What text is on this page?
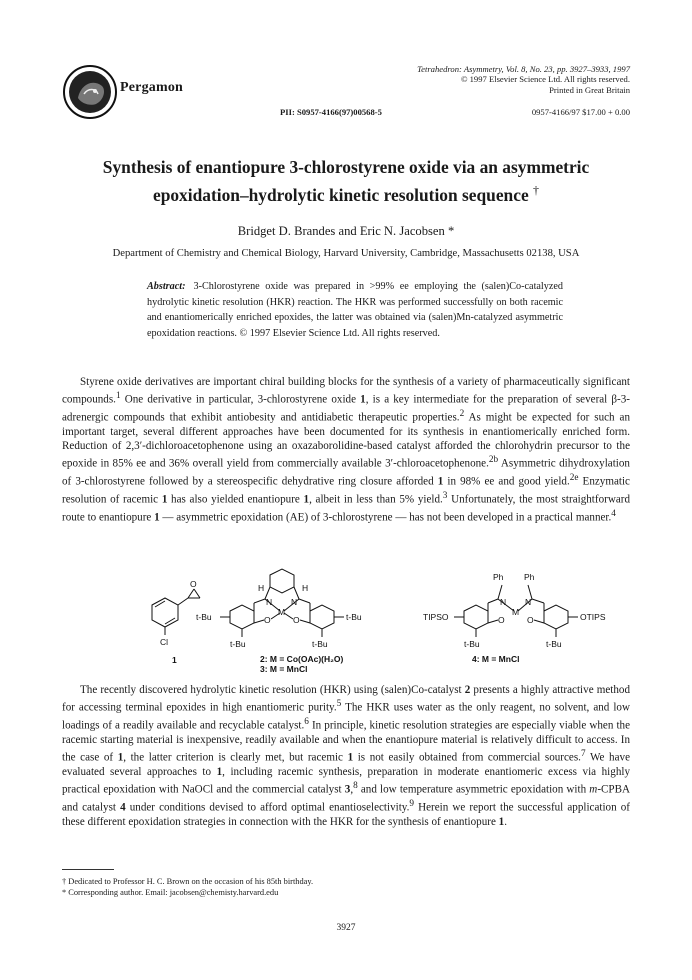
Pergamon
Tetrahedron: Asymmetry, Vol. 8, No. 23, pp. 3927–3933, 1997
© 1997 Elsevier Science Ltd. All rights reserved.
Printed in Great Britain
PII: S0957-4166(97)00568-5	0957-4166/97 $17.00 + 0.00
Synthesis of enantiopure 3-chlorostyrene oxide via an asymmetric
epoxidation–hydrolytic kinetic resolution sequence †
Bridget D. Brandes and Eric N. Jacobsen *
Department of Chemistry and Chemical Biology, Harvard University, Cambridge, Massachusetts 02138, USA
Abstract: 3-Chlorostyrene oxide was prepared in >99% ee employing the (salen)Co-catalyzed hydrolytic kinetic resolution (HKR) reaction. The HKR was performed successfully on both racemic and enantiomerically enriched epoxides, the latter was obtained via (salen)Mn-catalyzed asymmetric epoxidation reactions. © 1997 Elsevier Science Ltd. All rights reserved.

Styrene oxide derivatives are important chiral building blocks for the synthesis of a variety of pharmaceutically significant compounds.$^1$ One derivative in particular, 3-chlorostyrene oxide 1, is a key intermediate for the preparation of several β-3-adrenergic compounds that exhibit antiobesity and antidiabetic therapeutic properties.$^2$ As might be expected for such an important target, several different approaches have been documented for its synthesis in enantiomerically enriched form. Reduction of 2,3′-dichloroacetophenone using an oxazaborolidine-based catalyst afforded the chlorohydrin precursor to the epoxide in 85% ee and 36% overall yield from commercially available 3′-chloroacetophenone.$^{2b}$ Asymmetric dihydroxylation of 3-chlorostyrene followed by a stereospecific dehydrative ring closure afforded 1 in 98% ee and good yield.$^{2e}$ Enzymatic resolution of racemic 1 has also yielded enantiopure 1, albeit in less than 5% yield.$^3$ Unfortunately, the most straightforward route to enantiopure 1 — asymmetric epoxidation (AE) of 3-chlorostyrene — has not been developed in a practical manner.$^4$

O
Cl
H	H
N N
M
O	O
t-Bu	t-Bu
t-Bu	t-Bu
Ph Ph
N N
M
O	O
TIPSO	OTIPS
t-Bu	t-Bu
1	2: M = Co(OAc)(H₂O)
3: M = MnCl
4: M = MnCl

The recently discovered hydrolytic kinetic resolution (HKR) using (salen)Co-catalyst 2 presents a highly attractive method for accessing terminal epoxides in high enantiomeric purity.$^5$ The HKR uses water as the only reagent, no solvent, and low loadings of a readily available and recyclable catalyst.$^6$ In principle, kinetic resolution strategies are especially viable when the racemic starting material is inexpensive, readily available and when the enantiopure material is relatively difficult to access. In the case of 1, the latter criterion is clearly met, but racemic 1 is not easily obtained from commercial sources.$^7$ We have evaluated several approaches to 1, including racemic synthesis, preparation in moderate enantiomeric excess via highly practical epoxidation with NaOCl and the commercial catalyst 3,$^8$ and low temperature asymmetric epoxidation with m-CPBA and catalyst 4 under conditions devised to afford optimal enantioselectivity.$^9$ Herein we report the successful application of these different epoxidation strategies in connection with the HKR for the synthesis of enantiopure 1.

† Dedicated to Professor H. C. Brown on the occasion of his 85th birthday.
* Corresponding author. Email: jacobsen@chemisty.harvard.edu
3927
